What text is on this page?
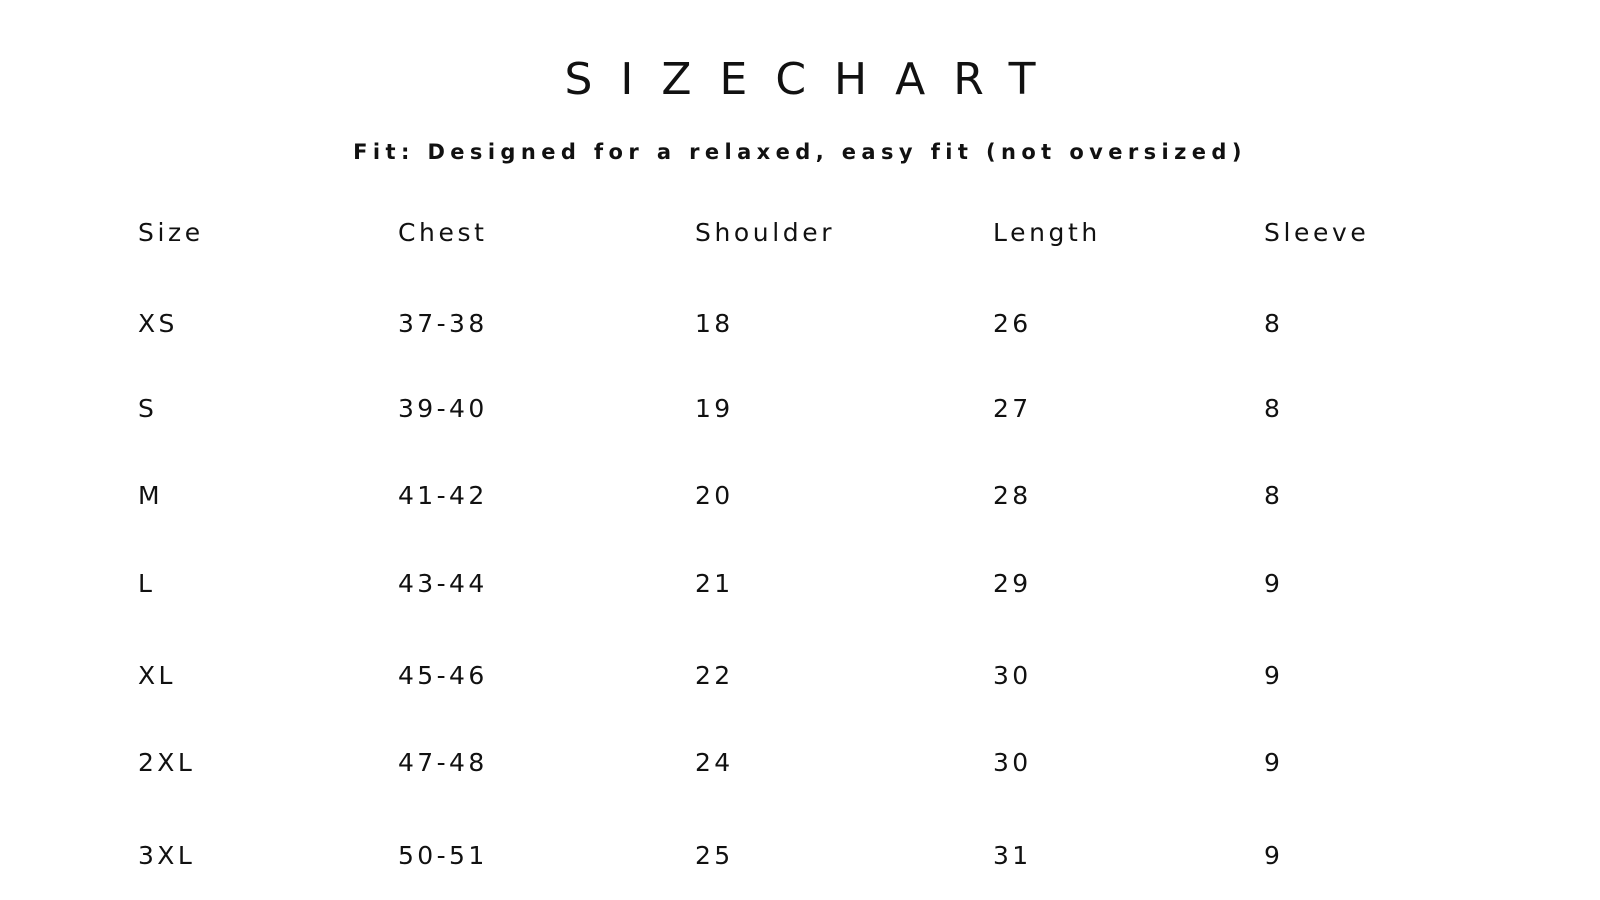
SIZECHART

Fit: Designed for a relaxed, easy fit (not oversized)

Size	Chest	Shoulder	Length	Sleeve
XS	37-38	18	26	8
S	39-40	19	27	8
M	41-42	20	28	8
L	43-44	21	29	9
XL	45-46	22	30	9
2XL	47-48	24	30	9
3XL	50-51	25	31	9
